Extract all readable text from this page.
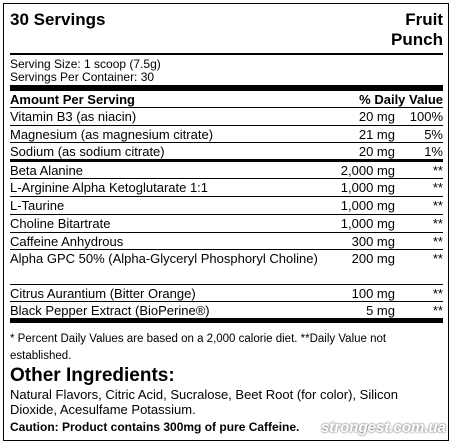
30 Servings	Fruit
Punch
Serving Size: 1 scoop (7.5g)
Servings Per Container: 30
Amount Per Serving	% Daily Value
Vitamin B3 (as niacin)	20 mg 100%
Magnesium (as magnesium citrate)	21 mg 5%
Sodium (as sodium citrate)	20 mg 1%
Beta Alanine	2,000 mg	**
L-Arginine Alpha Ketoglutarate 1:1	1,000 mg	**
L-Taurine	1,000 mg	**
Choline Bitartrate	1,000 mg	**
Caffeine Anhydrous	300 mg	**
Alpha GPC 50% (Alpha-Glyceryl Phosphoryl Choline)	200 mg	**
Citrus Aurantium (Bitter Orange)	100 mg	**
Black Pepper Extract (BioPerine®)	5 mg	**
* Percent Daily Values are based on a 2,000 calorie diet. **Daily Value not established.
Other Ingredients:
Natural Flavors, Citric Acid, Sucralose, Beet Root (for color), Silicon Dioxide, Acesulfame Potassium.
Caution: Product contains 300mg of pure Caffeine. strongest.com.ua
